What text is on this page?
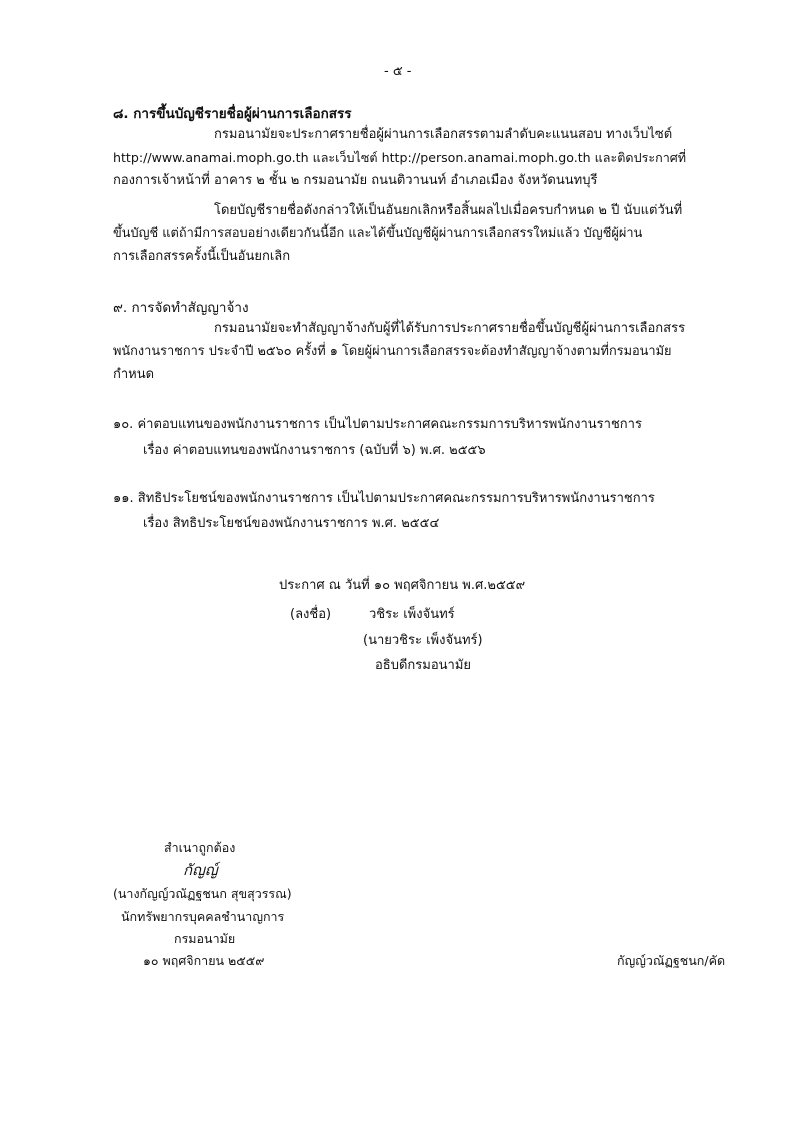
- ๕ -
๘. การขึ้นบัญชีรายชื่อผู้ผ่านการเลือกสรร
กรมอนามัยจะประกาศรายชื่อผู้ผ่านการเลือกสรรตามลำดับคะแนนสอบ ทางเว็บไซต์
http://www.anamai.moph.go.th และเว็บไซต์ http://person.anamai.moph.go.th และติดประกาศที่
กองการเจ้าหน้าที่ อาคาร ๒ ชั้น ๒ กรมอนามัย ถนนติวานนท์ อำเภอเมือง จังหวัดนนทบุรี
โดยบัญชีรายชื่อดังกล่าวให้เป็นอันยกเลิกหรือสิ้นผลไปเมื่อครบกำหนด ๒ ปี นับแต่วันที่
ขึ้นบัญชี แต่ถ้ามีการสอบอย่างเดียวกันนี้อีก และได้ขึ้นบัญชีผู้ผ่านการเลือกสรรใหม่แล้ว บัญชีผู้ผ่าน
การเลือกสรรครั้งนี้เป็นอันยกเลิก
๙. การจัดทำสัญญาจ้าง
กรมอนามัยจะทำสัญญาจ้างกับผู้ที่ได้รับการประกาศรายชื่อขึ้นบัญชีผู้ผ่านการเลือกสรร
พนักงานราชการ ประจำปี ๒๕๖๐ ครั้งที่ ๑ โดยผู้ผ่านการเลือกสรรจะต้องทำสัญญาจ้างตามที่กรมอนามัย
กำหนด
๑๐. ค่าตอบแทนของพนักงานราชการ เป็นไปตามประกาศคณะกรรมการบริหารพนักงานราชการ
เรื่อง ค่าตอบแทนของพนักงานราชการ (ฉบับที่ ๖) พ.ศ. ๒๕๕๖
๑๑. สิทธิประโยชน์ของพนักงานราชการ เป็นไปตามประกาศคณะกรรมการบริหารพนักงานราชการ
เรื่อง สิทธิประโยชน์ของพนักงานราชการ พ.ศ. ๒๕๕๔
ประกาศ ณ วันที่ ๑๐ พฤศจิกายน พ.ศ.๒๕๕๙
(ลงชื่อ)	วชิระ เพ็งจันทร์
(นายวชิระ เพ็งจันทร์)
อธิบดีกรมอนามัย
สำเนาถูกต้อง
กัญญ์
(นางกัญญ์วณัฏฐชนก สุขสุวรรณ)
นักทรัพยากรบุคคลชำนาญการ
กรมอนามัย
๑๐ พฤศจิกายน ๒๕๕๙	กัญญ์วณัฏฐชนก/คัด
